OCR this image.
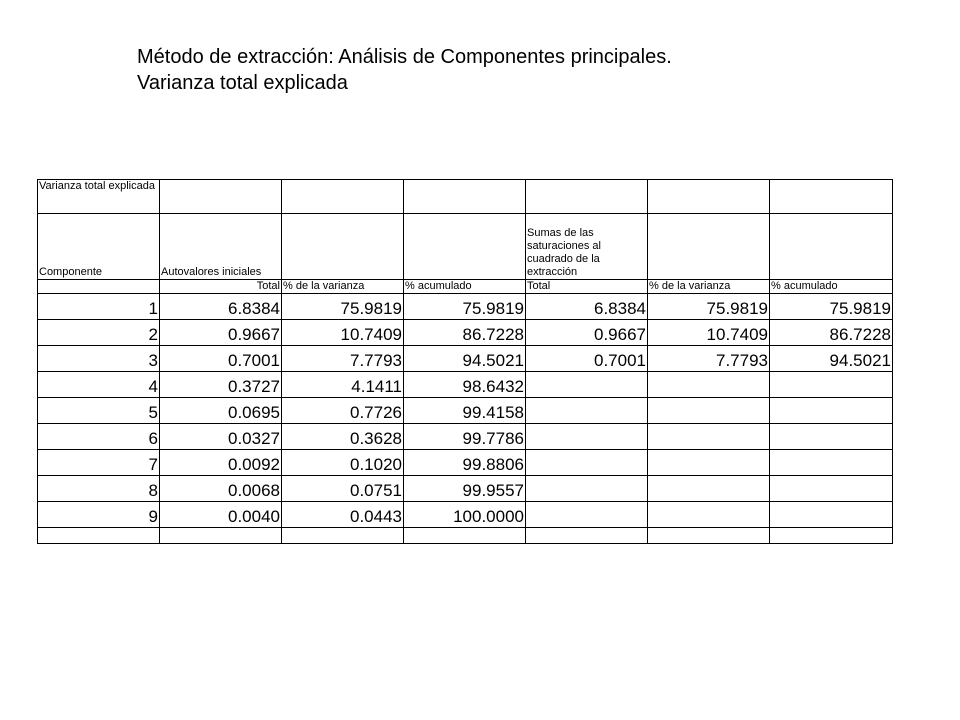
Método de extracción: Análisis de Componentes principales.
Varianza total explicada
Varianza total explicada						
Componente	Autovalores iniciales			Sumas de las saturaciones al cuadrado de la extracción		
	Total	% de la varianza	% acumulado	Total	% de la varianza	% acumulado
1	6.8384	75.9819	75.9819	6.8384	75.9819	75.9819
2	0.9667	10.7409	86.7228	0.9667	10.7409	86.7228
3	0.7001	7.7793	94.5021	0.7001	7.7793	94.5021
4	0.3727	4.1411	98.6432			
5	0.0695	0.7726	99.4158			
6	0.0327	0.3628	99.7786			
7	0.0092	0.1020	99.8806			
8	0.0068	0.0751	99.9557			
9	0.0040	0.0443	100.0000			
